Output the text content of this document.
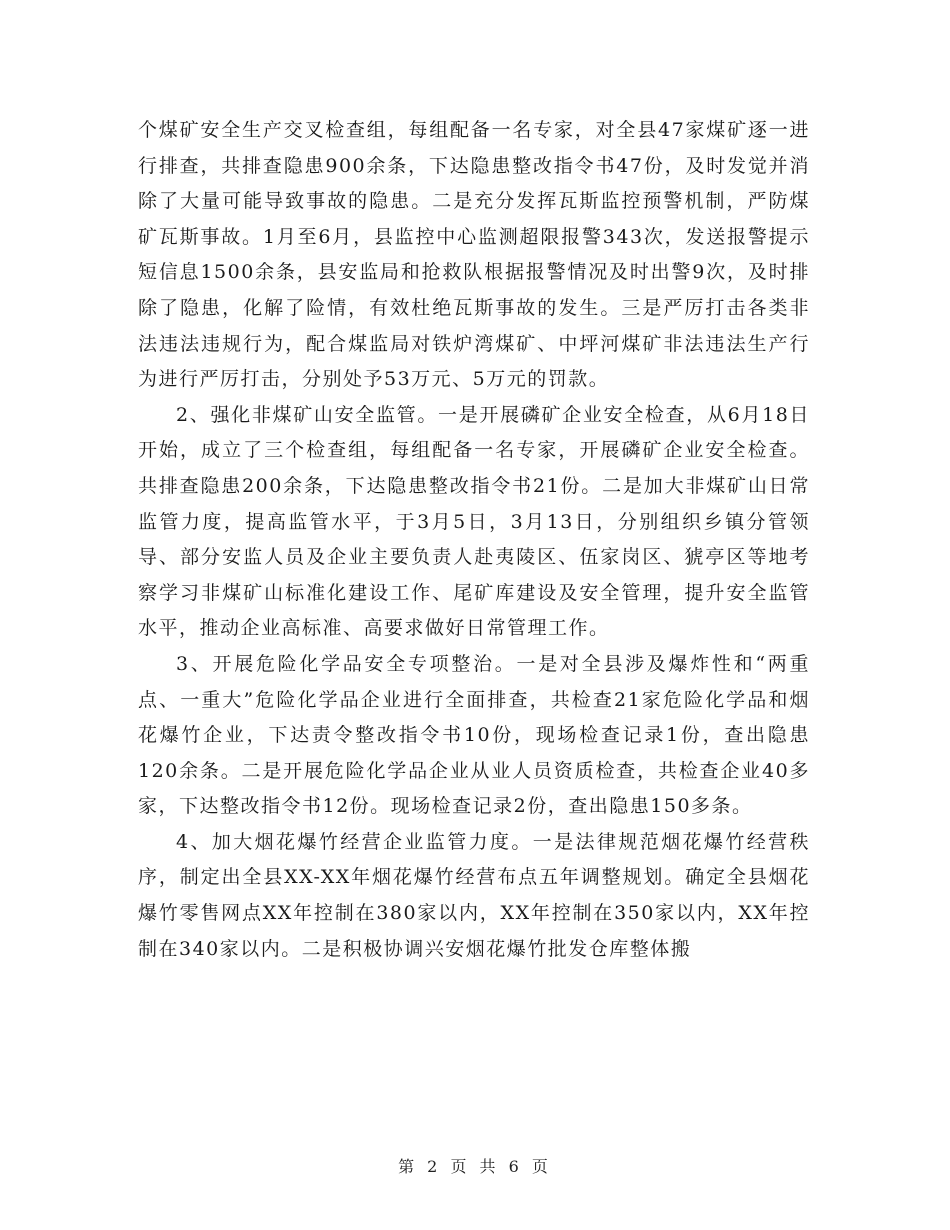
个煤矿安全生产交叉检查组，每组配备一名专家，对全县47家煤矿逐一进行排查，共排查隐患900余条，下达隐患整改指令书47份，及时发觉并消除了大量可能导致事故的隐患。二是充分发挥瓦斯监控预警机制，严防煤矿瓦斯事故。1月至6月，县监控中心监测超限报警343次，发送报警提示短信息1500余条，县安监局和抢救队根据报警情况及时出警9次，及时排除了隐患，化解了险情，有效杜绝瓦斯事故的发生。三是严厉打击各类非法违法违规行为，配合煤监局对铁炉湾煤矿、中坪河煤矿非法违法生产行为进行严厉打击，分别处予53万元、5万元的罚款。

2、强化非煤矿山安全监管。一是开展磷矿企业安全检查，从6月18日开始，成立了三个检查组，每组配备一名专家，开展磷矿企业安全检查。共排查隐患200余条，下达隐患整改指令书21份。二是加大非煤矿山日常监管力度，提高监管水平，于3月5日，3月13日，分别组织乡镇分管领导、部分安监人员及企业主要负责人赴夷陵区、伍家岗区、猇亭区等地考察学习非煤矿山标准化建设工作、尾矿库建设及安全管理，提升安全监管水平，推动企业高标准、高要求做好日常管理工作。

3、开展危险化学品安全专项整治。一是对全县涉及爆炸性和“两重点、一重大”危险化学品企业进行全面排查，共检查21家危险化学品和烟花爆竹企业，下达责令整改指令书10份，现场检查记录1份，查出隐患120余条。二是开展危险化学品企业从业人员资质检查，共检查企业40多家，下达整改指令书12份。现场检查记录2份，查出隐患150多条。

4、加大烟花爆竹经营企业监管力度。一是法律规范烟花爆竹经营秩序，制定出全县XX-XX年烟花爆竹经营布点五年调整规划。确定全县烟花爆竹零售网点XX年控制在380家以内，XX年控制在350家以内，XX年控制在340家以内。二是积极协调兴安烟花爆竹批发仓库整体搬

第 2 页 共 6 页
